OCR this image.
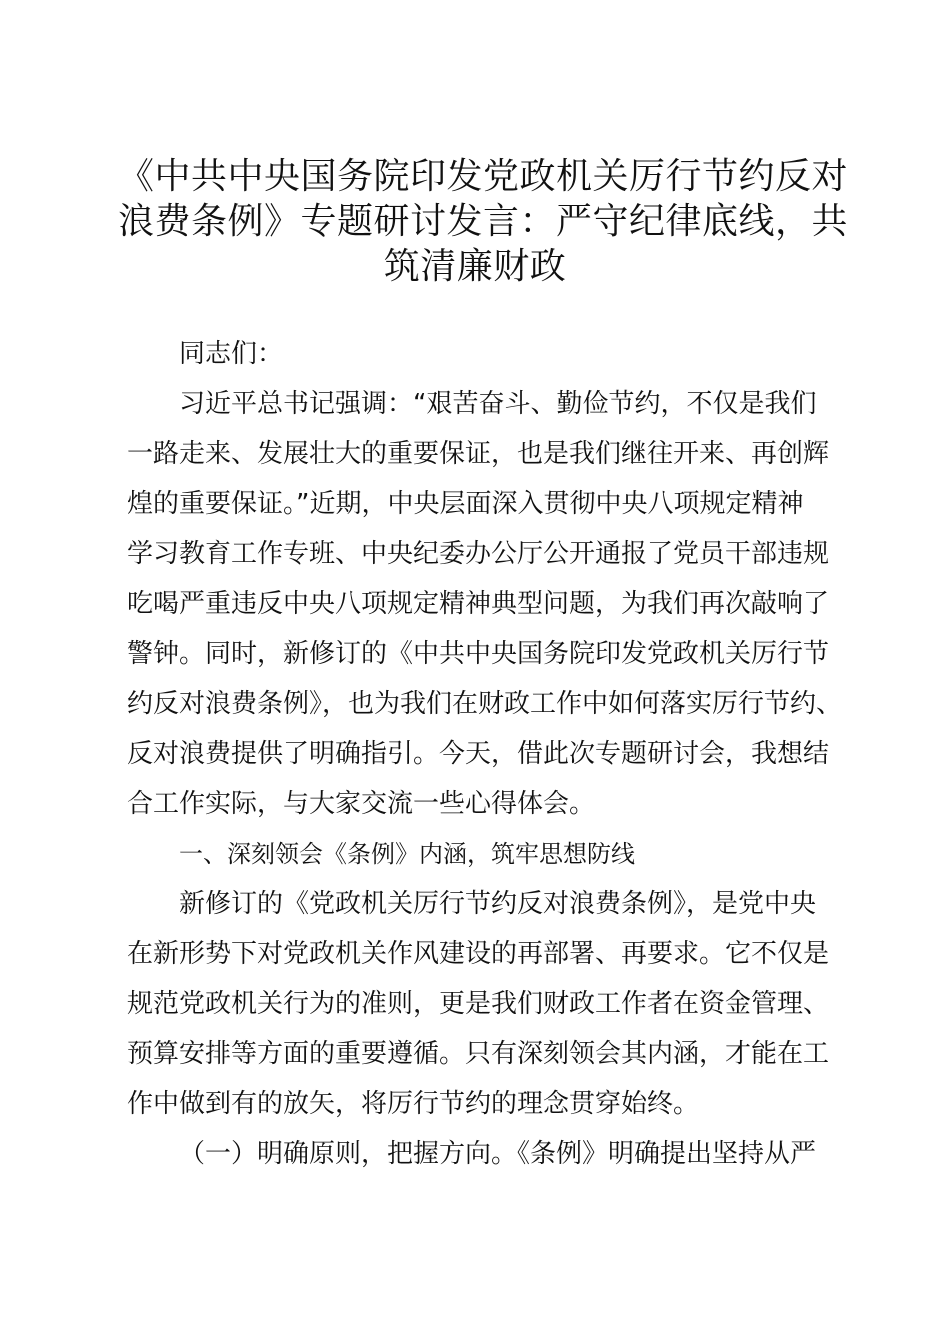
《中共中央国务院印发党政机关厉行节约反对
浪费条例》专题研讨发言：严守纪律底线，共
筑清廉财政
同志们：
习近平总书记强调：“艰苦奋斗、勤俭节约，不仅是我们
一路走来、发展壮大的重要保证，也是我们继往开来、再创辉
煌的重要保证。”近期，中央层面深入贯彻中央八项规定精神
学习教育工作专班、中央纪委办公厅公开通报了党员干部违规
吃喝严重违反中央八项规定精神典型问题，为我们再次敲响了
警钟。同时，新修订的《中共中央国务院印发党政机关厉行节
约反对浪费条例》，也为我们在财政工作中如何落实厉行节约、
反对浪费提供了明确指引。今天，借此次专题研讨会，我想结
合工作实际，与大家交流一些心得体会。
一、深刻领会《条例》内涵，筑牢思想防线
新修订的《党政机关厉行节约反对浪费条例》，是党中央
在新形势下对党政机关作风建设的再部署、再要求。它不仅是
规范党政机关行为的准则，更是我们财政工作者在资金管理、
预算安排等方面的重要遵循。只有深刻领会其内涵，才能在工
作中做到有的放矢，将厉行节约的理念贯穿始终。
（一）明确原则，把握方向。《条例》明确提出坚持从严
